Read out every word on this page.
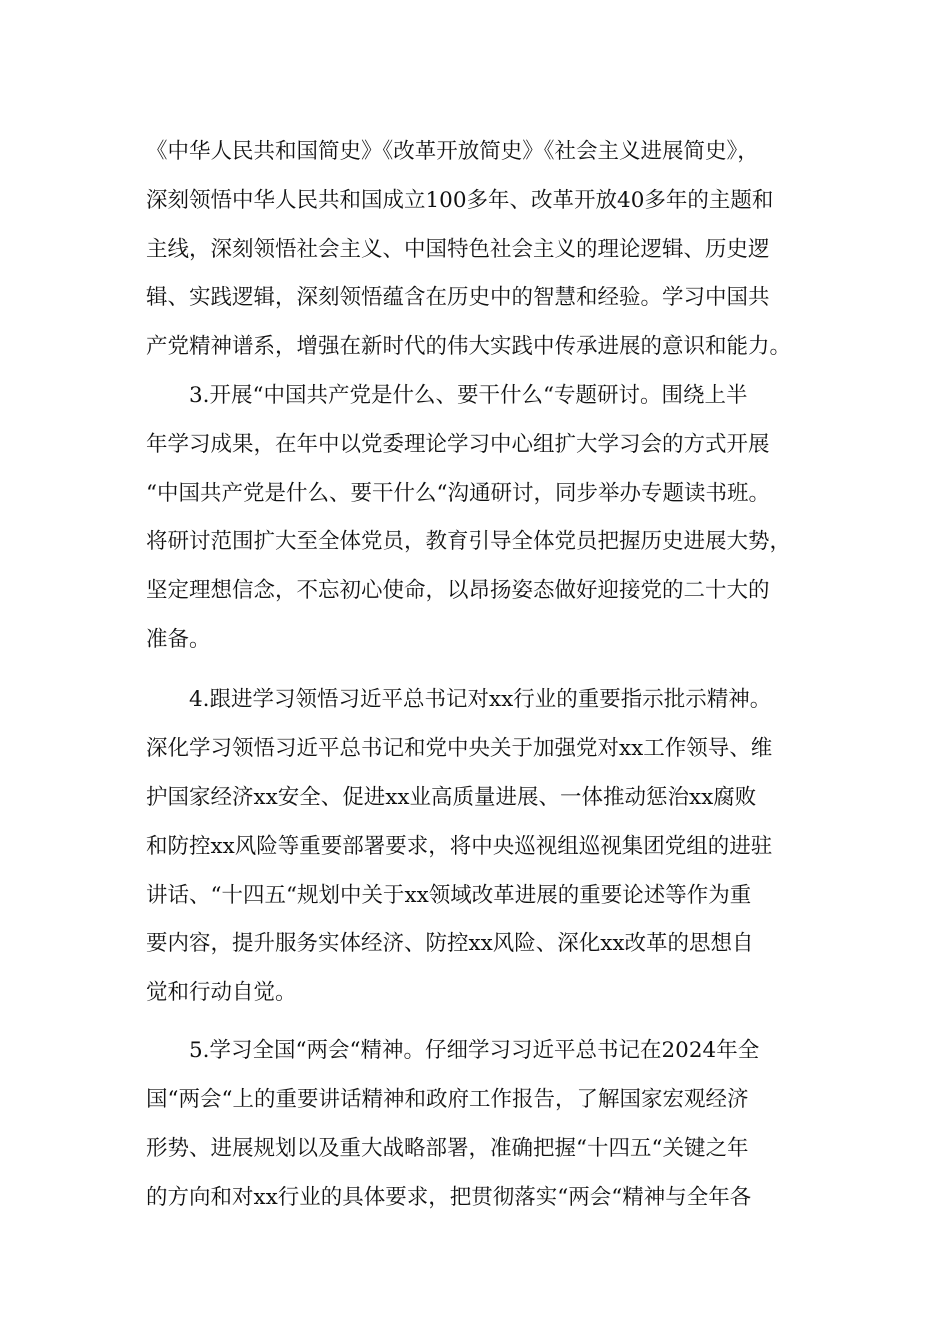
《中华人民共和国简史》《改革开放简史》《社会主义进展简史》，
深刻领悟中华人民共和国成立100多年、改革开放40多年的主题和
主线，深刻领悟社会主义、中国特色社会主义的理论逻辑、历史逻
辑、实践逻辑，深刻领悟蕴含在历史中的智慧和经验。学习中国共
产党精神谱系，增强在新时代的伟大实践中传承进展的意识和能力。
3.开展“中国共产党是什么、要干什么“专题研讨。围绕上半
年学习成果，在年中以党委理论学习中心组扩大学习会的方式开展
“中国共产党是什么、要干什么“沟通研讨，同步举办专题读书班。
将研讨范围扩大至全体党员，教育引导全体党员把握历史进展大势，
坚定理想信念，不忘初心使命，以昂扬姿态做好迎接党的二十大的
准备。
4.跟进学习领悟习近平总书记对xx行业的重要指示批示精神。
深化学习领悟习近平总书记和党中央关于加强党对xx工作领导、维
护国家经济xx安全、促进xx业高质量进展、一体推动惩治xx腐败
和防控xx风险等重要部署要求，将中央巡视组巡视集团党组的进驻
讲话、“十四五“规划中关于xx领域改革进展的重要论述等作为重
要内容，提升服务实体经济、防控xx风险、深化xx改革的思想自
觉和行动自觉。
5.学习全国“两会“精神。仔细学习习近平总书记在2024年全
国“两会“上的重要讲话精神和政府工作报告，了解国家宏观经济
形势、进展规划以及重大战略部署，准确把握“十四五“关键之年
的方向和对xx行业的具体要求，把贯彻落实“两会“精神与全年各
